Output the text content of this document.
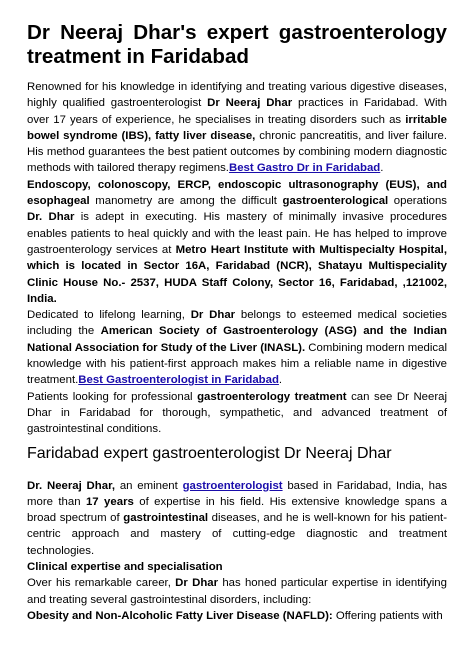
Dr Neeraj Dhar's expert gastroenterology treatment in Faridabad

Renowned for his knowledge in identifying and treating various digestive diseases, highly qualified gastroenterologist Dr Neeraj Dhar practices in Faridabad. With over 17 years of experience, he specialises in treating disorders such as irritable bowel syndrome (IBS), fatty liver disease, chronic pancreatitis, and liver failure. His method guarantees the best patient outcomes by combining modern diagnostic methods with tailored therapy regimens.Best Gastro Dr in Faridabad.

Endoscopy, colonoscopy, ERCP, endoscopic ultrasonography (EUS), and esophageal manometry are among the difficult gastroenterological operations Dr. Dhar is adept in executing. His mastery of minimally invasive procedures enables patients to heal quickly and with the least pain. He has helped to improve gastroenterology services at Metro Heart Institute with Multispecialty Hospital, which is located in Sector 16A, Faridabad (NCR), Shatayu Multispeciality Clinic House No.- 2537, HUDA Staff Colony, Sector 16, Faridabad, ,121002, India.

Dedicated to lifelong learning, Dr Dhar belongs to esteemed medical societies including the American Society of Gastroenterology (ASG) and the Indian National Association for Study of the Liver (INASL). Combining modern medical knowledge with his patient-first approach makes him a reliable name in digestive treatment.Best Gastroenterologist in Faridabad.

Patients looking for professional gastroenterology treatment can see Dr Neeraj Dhar in Faridabad for thorough, sympathetic, and advanced treatment of gastrointestinal conditions.

Faridabad expert gastroenterologist Dr Neeraj Dhar

Dr. Neeraj Dhar, an eminent gastroenterologist based in Faridabad, India, has more than 17 years of expertise in his field. His extensive knowledge spans a broad spectrum of gastrointestinal diseases, and he is well-known for his patient-centric approach and mastery of cutting-edge diagnostic and treatment technologies.

Clinical expertise and specialisation

Over his remarkable career, Dr Dhar has honed particular expertise in identifying and treating several gastrointestinal disorders, including:

Obesity and Non-Alcoholic Fatty Liver Disease (NAFLD): Offering patients with
